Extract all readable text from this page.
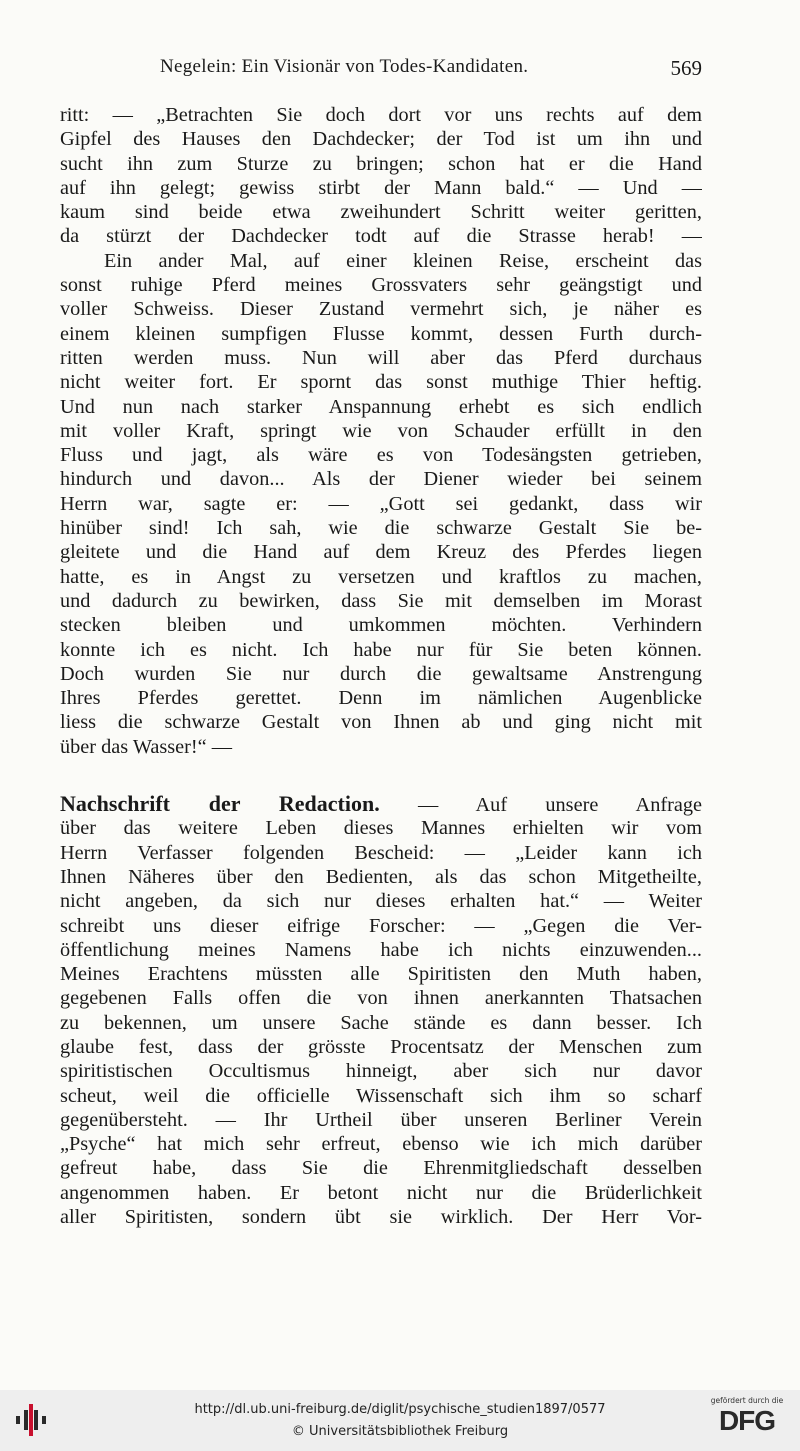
Negelein: Ein Visionär von Todes-Kandidaten.	569
ritt: — „Betrachten Sie doch dort vor uns rechts auf dem
Gipfel des Hauses den Dachdecker; der Tod ist um ihn und
sucht ihn zum Sturze zu bringen; schon hat er die Hand
auf ihn gelegt; gewiss stirbt der Mann bald.“ — Und —
kaum sind beide etwa zweihundert Schritt weiter geritten,
da stürzt der Dachdecker todt auf die Strasse herab! —
Ein ander Mal, auf einer kleinen Reise, erscheint das
sonst ruhige Pferd meines Grossvaters sehr geängstigt und
voller Schweiss. Dieser Zustand vermehrt sich, je näher es
einem kleinen sumpfigen Flusse kommt, dessen Furth durch-
ritten werden muss. Nun will aber das Pferd durchaus
nicht weiter fort. Er spornt das sonst muthige Thier heftig.
Und nun nach starker Anspannung erhebt es sich endlich
mit voller Kraft, springt wie von Schauder erfüllt in den
Fluss und jagt, als wäre es von Todesängsten getrieben,
hindurch und davon... Als der Diener wieder bei seinem
Herrn war, sagte er: — „Gott sei gedankt, dass wir
hinüber sind! Ich sah, wie die schwarze Gestalt Sie be-
gleitete und die Hand auf dem Kreuz des Pferdes liegen
hatte, es in Angst zu versetzen und kraftlos zu machen,
und dadurch zu bewirken, dass Sie mit demselben im Morast
stecken bleiben und umkommen möchten. Verhindern
konnte ich es nicht. Ich habe nur für Sie beten können.
Doch wurden Sie nur durch die gewaltsame Anstrengung
Ihres Pferdes gerettet. Denn im nämlichen Augenblicke
liess die schwarze Gestalt von Ihnen ab und ging nicht mit
über das Wasser!“ —
Nachschrift der Redaction. — Auf unsere Anfrage
über das weitere Leben dieses Mannes erhielten wir vom
Herrn Verfasser folgenden Bescheid: — „Leider kann ich
Ihnen Näheres über den Bedienten, als das schon Mitgetheilte,
nicht angeben, da sich nur dieses erhalten hat.“ — Weiter
schreibt uns dieser eifrige Forscher: — „Gegen die Ver-
öffentlichung meines Namens habe ich nichts einzuwenden...
Meines Erachtens müssten alle Spiritisten den Muth haben,
gegebenen Falls offen die von ihnen anerkannten Thatsachen
zu bekennen, um unsere Sache stände es dann besser. Ich
glaube fest, dass der grösste Procentsatz der Menschen zum
spiritistischen Occultismus hinneigt, aber sich nur davor
scheut, weil die officielle Wissenschaft sich ihm so scharf
gegenübersteht. — Ihr Urtheil über unseren Berliner Verein
„Psyche“ hat mich sehr erfreut, ebenso wie ich mich darüber
gefreut habe, dass Sie die Ehrenmitgliedschaft desselben
angenommen haben. Er betont nicht nur die Brüderlichkeit
aller Spiritisten, sondern übt sie wirklich. Der Herr Vor-
http://dl.ub.uni-freiburg.de/diglit/psychische_studien1897/0577
© Universitätsbibliothek Freiburg
gefördert durch die
DFG
